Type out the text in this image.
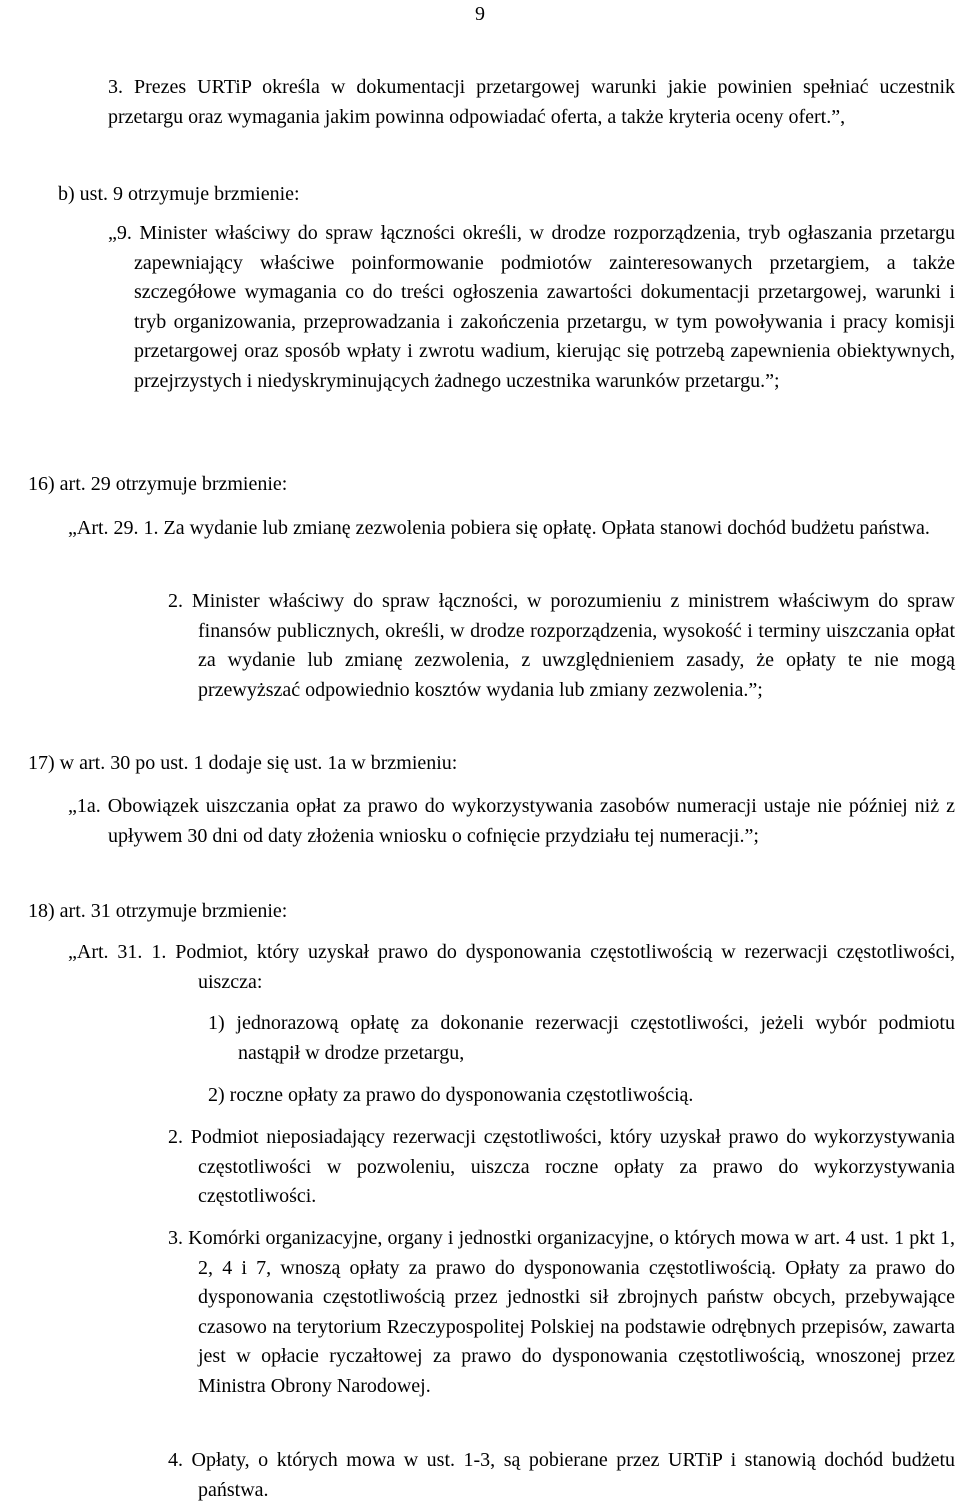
9
3. Prezes URTiP określa w dokumentacji przetargowej warunki jakie powinien spełniać uczestnik przetargu oraz wymagania jakim powinna odpowiadać oferta, a także kryteria oceny ofert.”,
b) ust. 9 otrzymuje brzmienie:
„9. Minister właściwy do spraw łączności określi, w drodze rozporządzenia, tryb ogłaszania przetargu zapewniający właściwe poinformowanie podmiotów zainteresowanych przetargiem, a także szczegółowe wymagania co do treści ogłoszenia zawartości dokumentacji przetargowej, warunki i tryb organizowania, przeprowadzania i zakończenia przetargu, w tym powoływania i pracy komisji przetargowej oraz sposób wpłaty i zwrotu wadium, kierując się potrzebą zapewnienia obiektywnych, przejrzystych i niedyskryminujących żadnego uczestnika warunków przetargu.”;
16) art. 29 otrzymuje brzmienie:
„Art. 29. 1. Za wydanie lub zmianę zezwolenia pobiera się opłatę. Opłata stanowi dochód budżetu państwa.
2. Minister właściwy do spraw łączności, w porozumieniu z ministrem właściwym do spraw finansów publicznych, określi, w drodze rozporządzenia, wysokość i terminy uiszczania opłat za wydanie lub zmianę zezwolenia, z uwzględnieniem zasady, że opłaty te nie mogą przewyższać odpowiednio kosztów wydania lub zmiany zezwolenia.”;
17) w art. 30 po ust. 1 dodaje się ust. 1a w brzmieniu:
„1a. Obowiązek uiszczania opłat za prawo do wykorzystywania zasobów numeracji ustaje nie później niż z upływem 30 dni od daty złożenia wniosku o cofnięcie przydziału tej numeracji.”;
18) art. 31 otrzymuje brzmienie:
„Art. 31. 1. Podmiot, który uzyskał prawo do dysponowania częstotliwością w rezerwacji częstotliwości, uiszcza:
1) jednorazową opłatę za dokonanie rezerwacji częstotliwości, jeżeli wybór podmiotu nastąpił w drodze przetargu,
2) roczne opłaty za prawo do dysponowania częstotliwością.
2. Podmiot nieposiadający rezerwacji częstotliwości, który uzyskał prawo do wykorzystywania częstotliwości w pozwoleniu, uiszcza roczne opłaty za prawo do wykorzystywania częstotliwości.
3. Komórki organizacyjne, organy i jednostki organizacyjne, o których mowa w art. 4 ust. 1 pkt 1, 2, 4 i 7, wnoszą opłaty za prawo do dysponowania częstotliwością. Opłaty za prawo do dysponowania częstotliwością przez jednostki sił zbrojnych państw obcych, przebywające czasowo na terytorium Rzeczypospolitej Polskiej na podstawie odrębnych przepisów, zawarta jest w opłacie ryczałtowej za prawo do dysponowania częstotliwością, wnoszonej przez Ministra Obrony Narodowej.
4. Opłaty, o których mowa w ust. 1-3, są pobierane przez URTiP i stanowią dochód budżetu państwa.
